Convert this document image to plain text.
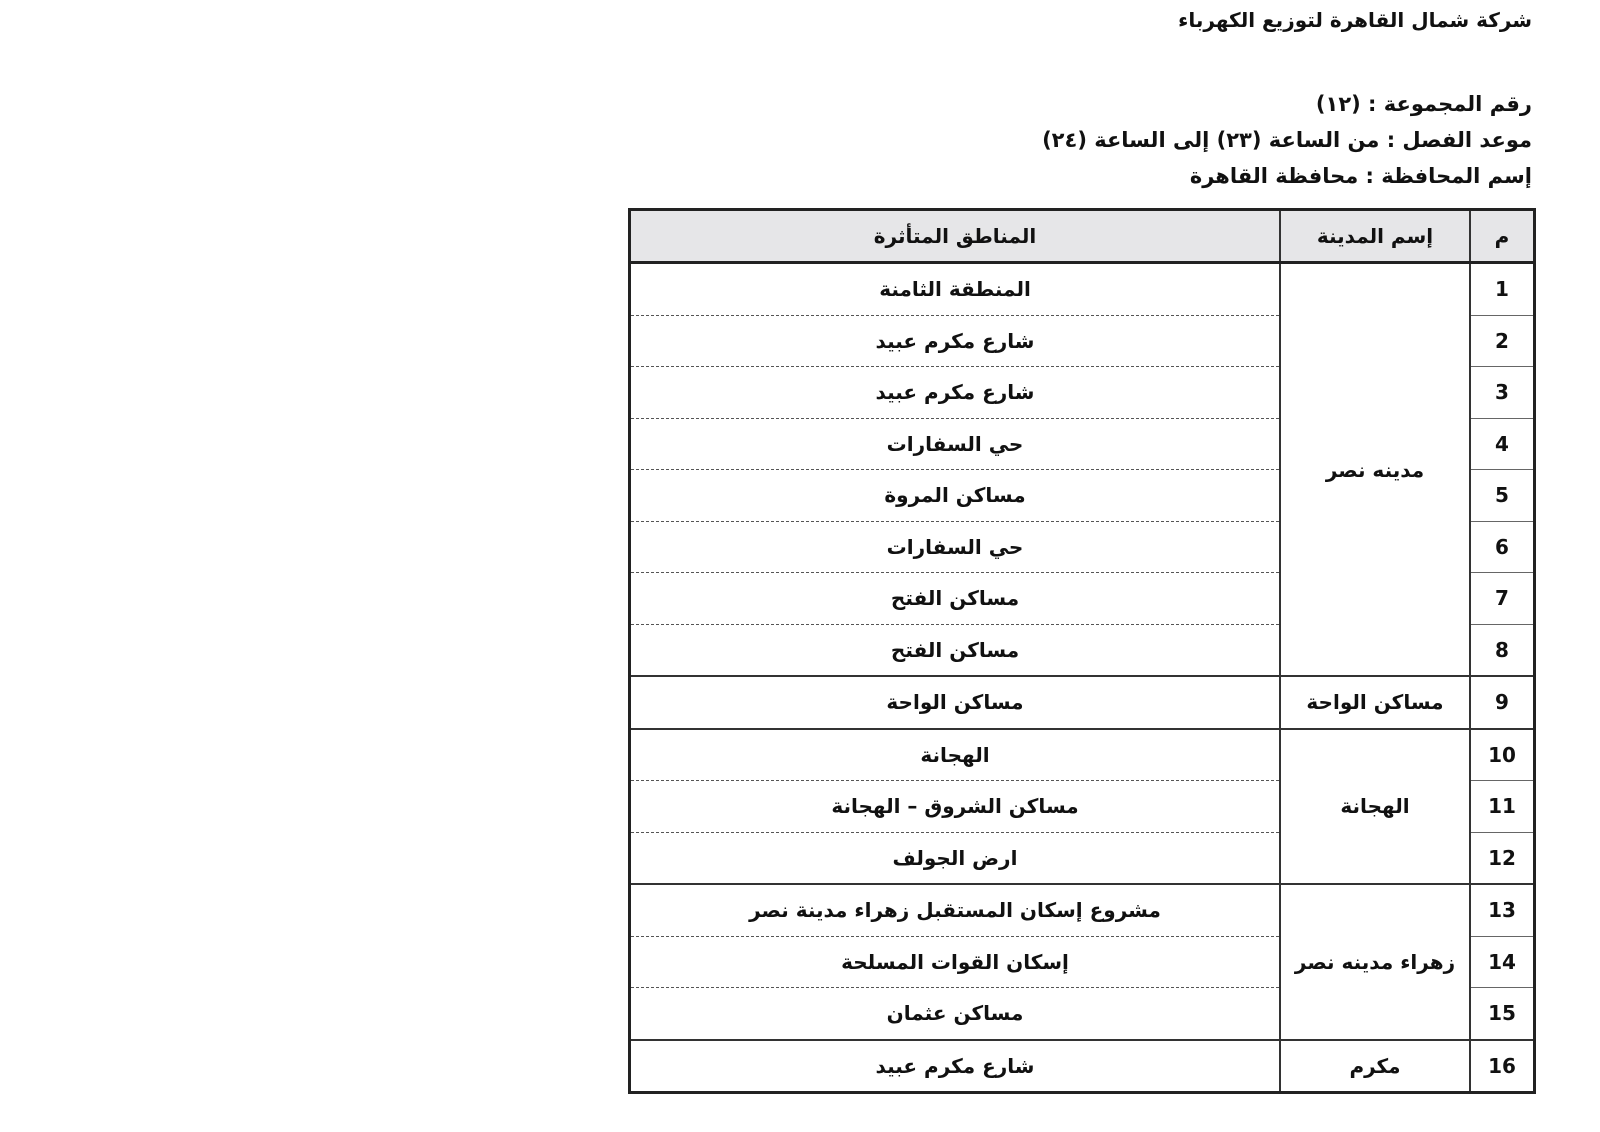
شركة شمال القاهرة لتوزيع الكهرباء
رقم المجموعة : (١٢)
موعد الفصل : من الساعة (٢٣) إلى الساعة (٢٤)
إسم المحافظة : محافظة القاهرة
م	إسم المدينة	المناطق المتأثرة
1	مدينه نصر	المنطقة الثامنة
2		شارع مكرم عبيد
3		شارع مكرم عبيد
4		حي السفارات
5		مساكن المروة
6		حي السفارات
7		مساكن الفتح
8		مساكن الفتح
9	مساكن الواحة	مساكن الواحة
10	الهجانة	الهجانة
11		مساكن الشروق – الهجانة
12		ارض الجولف
13	زهراء مدينه نصر	مشروع إسكان المستقبل زهراء مدينة نصر
14		إسكان القوات المسلحة
15		مساكن عثمان
16	مكرم	شارع مكرم عبيد
